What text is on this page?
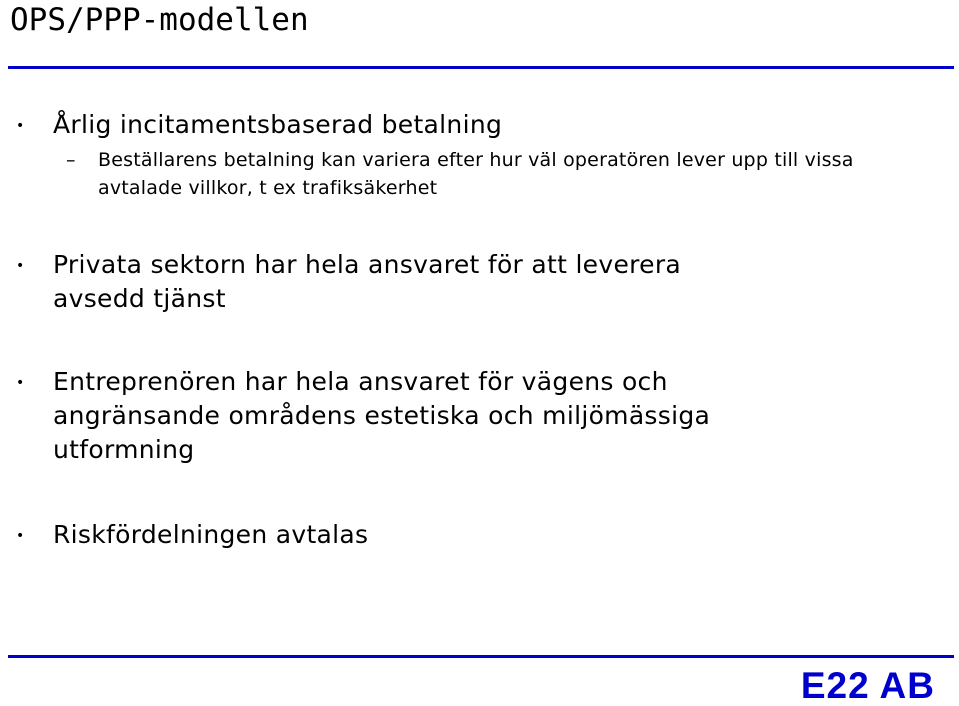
OPS/PPP-modellen
• Årlig incitamentsbaserad betalning
– Beställarens betalning kan variera efter hur väl operatören lever upp till vissa avtalade villkor, t ex trafiksäkerhet
• Privata sektorn har hela ansvaret för att leverera avsedd tjänst
• Entreprenören har hela ansvaret för vägens och angränsande områdens estetiska och miljömässiga utformning
• Riskfördelningen avtalas
E22 AB
